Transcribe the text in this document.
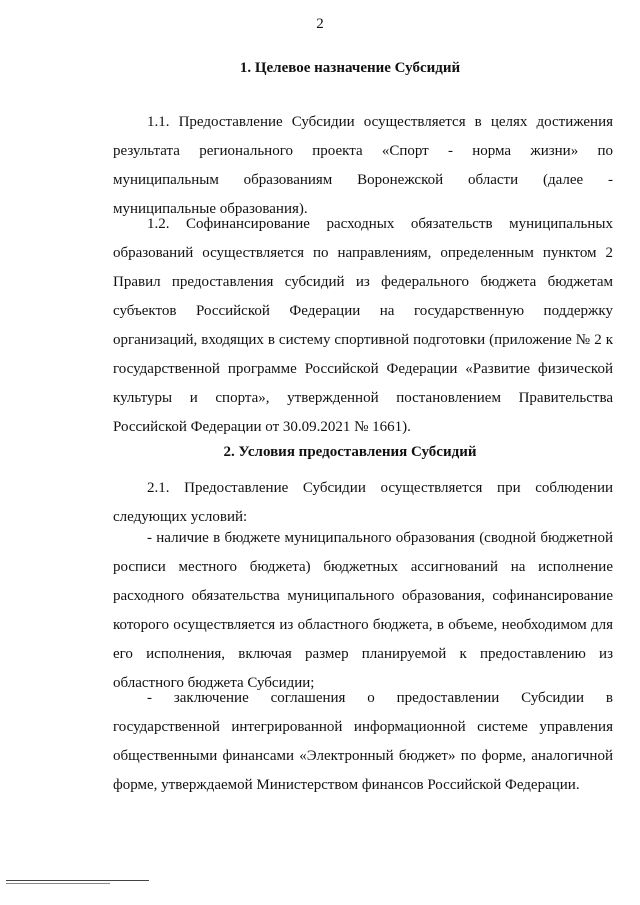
2
1. Целевое назначение Субсидий

1.1. Предоставление Субсидии осуществляется в целях достижения результата регионального проекта «Спорт - норма жизни» по муниципальным образованиям Воронежской области (далее - муниципальные образования).

1.2. Софинансирование расходных обязательств муниципальных образований осуществляется по направлениям, определенным пунктом 2 Правил предоставления субсидий из федерального бюджета бюджетам субъектов Российской Федерации на государственную поддержку организаций, входящих в систему спортивной подготовки (приложение № 2 к государственной программе Российской Федерации «Развитие физической культуры и спорта», утвержденной постановлением Правительства Российской Федерации от 30.09.2021 № 1661).

2. Условия предоставления Субсидий

2.1. Предоставление Субсидии осуществляется при соблюдении следующих условий:

- наличие в бюджете муниципального образования (сводной бюджетной росписи местного бюджета) бюджетных ассигнований на исполнение расходного обязательства муниципального образования, софинансирование которого осуществляется из областного бюджета, в объеме, необходимом для его исполнения, включая размер планируемой к предоставлению из областного бюджета Субсидии;

- заключение соглашения о предоставлении Субсидии в государственной интегрированной информационной системе управления общественными финансами «Электронный бюджет» по форме, аналогичной форме, утверждаемой Министерством финансов Российской Федерации.
